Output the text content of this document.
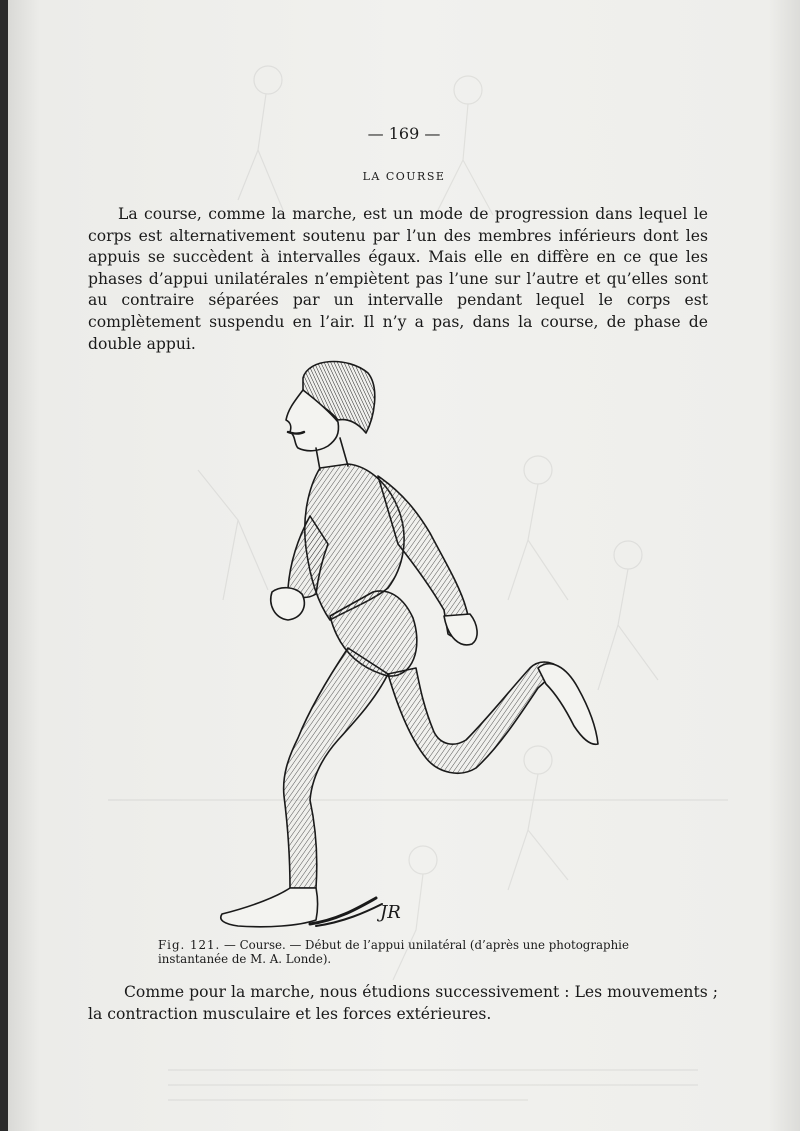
— 169 —
LA COURSE

La course, comme la marche, est un mode de progression dans lequel le corps est alternativement soutenu par l’un des membres inférieurs dont les appuis se succèdent à intervalles égaux. Mais elle en diffère en ce que les phases d’appui unilatérales n’empiètent pas l’une sur l’autre et qu’elles sont au contraire séparées par un intervalle pendant lequel le corps est complètement suspendu en l’air. Il n’y a pas, dans la course, de phase de double appui.

JR
Fig. 121. — Course. — Début de l’appui unilatéral (d’après une photographie instantanée de M. A. Londe).

Comme pour la marche, nous étudions successivement : Les mouvements ; la contraction musculaire et les forces extérieures.
